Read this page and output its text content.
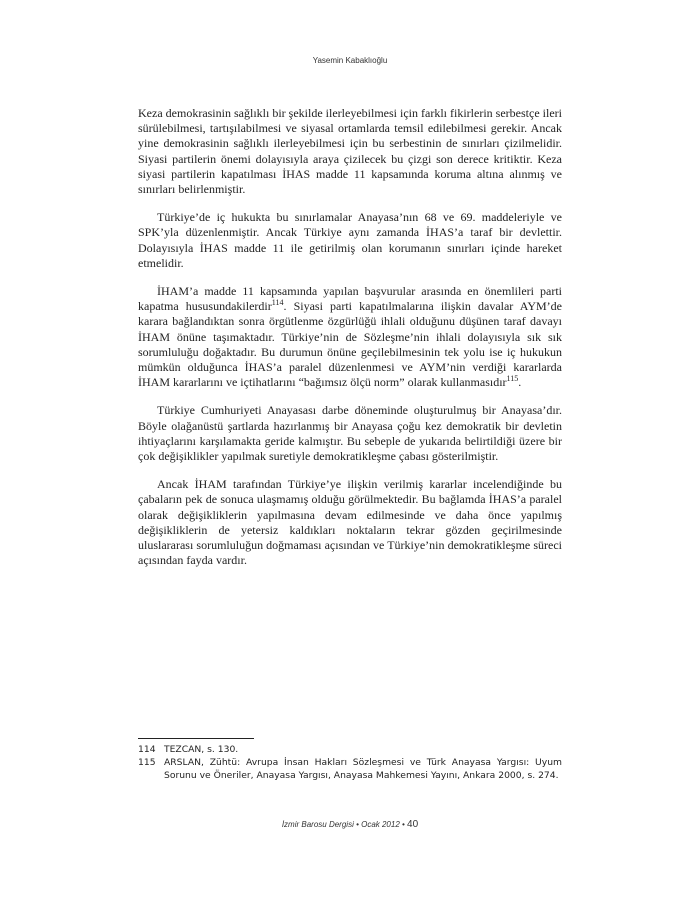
Yasemin Kabaklıoğlu

Keza demokrasinin sağlıklı bir şekilde ilerleyebilmesi için farklı fikirlerin serbestçe ileri sürülebilmesi, tartışılabilmesi ve siyasal ortamlarda temsil edilebilmesi gerekir. Ancak yine demokrasinin sağlıklı ilerleyebilmesi için bu serbestinin de sınırları çizilmelidir. Siyasi partilerin önemi dolayısıyla araya çizilecek bu çizgi son derece kritiktir. Keza siyasi partilerin kapatılması İHAS madde 11 kapsamında koruma altına alınmış ve sınırları belirlenmiştir.

Türkiye’de iç hukukta bu sınırlamalar Anayasa’nın 68 ve 69. maddeleriyle ve SPK’yla düzenlenmiştir. Ancak Türkiye aynı zamanda İHAS’a taraf bir devlettir. Dolayısıyla İHAS madde 11 ile getirilmiş olan korumanın sınırları içinde hareket etmelidir.

İHAM’a madde 11 kapsamında yapılan başvurular arasında en önemlileri parti kapatma hususundakilerdir$^{114}$. Siyasi parti kapatılmalarına ilişkin davalar AYM’de karara bağlandıktan sonra örgütlenme özgürlüğü ihlali olduğunu düşünen taraf davayı İHAM önüne taşımaktadır. Türkiye’nin de Sözleşme’nin ihlali dolayısıyla sık sık sorumluluğu doğaktadır. Bu durumun önüne geçilebilmesinin tek yolu ise iç hukukun mümkün olduğunca İHAS’a paralel düzenlenmesi ve AYM’nin verdiği kararlarda İHAM kararlarını ve içtihatlarını “bağımsız ölçü norm” olarak kullanmasıdır$^{115}$.

Türkiye Cumhuriyeti Anayasası darbe döneminde oluşturulmuş bir Anayasa’dır. Böyle olağanüstü şartlarda hazırlanmış bir Anayasa çoğu kez demokratik bir devletin ihtiyaçlarını karşılamakta geride kalmıştır. Bu sebeple de yukarıda belirtildiği üzere bir çok değişiklikler yapılmak suretiyle demokratikleşme çabası gösterilmiştir.

Ancak İHAM tarafından Türkiye’ye ilişkin verilmiş kararlar incelendiğinde bu çabaların pek de sonuca ulaşmamış olduğu görülmektedir. Bu bağlamda İHAS’a paralel olarak değişikliklerin yapılmasına devam edilmesinde ve daha önce yapılmış değişikliklerin de yetersiz kaldıkları noktaların tekrar gözden geçirilmesinde uluslararası sorumluluğun doğmaması açısından ve Türkiye’nin demokratikleşme süreci açısından fayda vardır.

114 TEZCAN, s. 130.
115 ARSLAN, Zühtü: Avrupa İnsan Hakları Sözleşmesi ve Türk Anayasa Yargısı: Uyum Sorunu ve Öneriler, Anayasa Yargısı, Anayasa Mahkemesi Yayını, Ankara 2000, s. 274.
İzmir Barosu Dergisi • Ocak 2012 • 40
